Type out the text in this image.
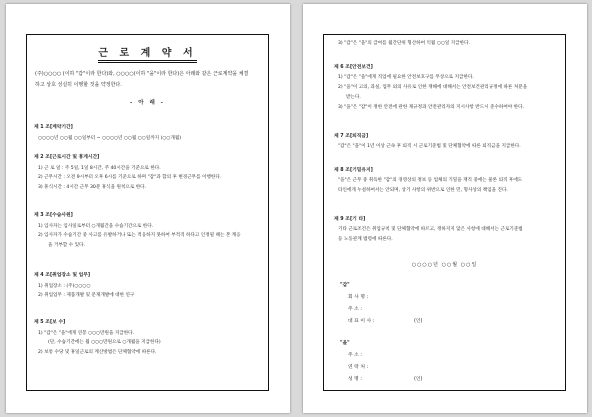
근 로 계 약 서
(주)○○○○ (이하 "갑"이라 한다)와, ○○○○(이하 "을"이라 한다)은 아래와 같은 근로계약을 체결
하고 상호 성실히 이행할 것을 약정한다.
- 아 래 -
제 1 조[계약기간]
○○○○년 ○○월 ○○일부터 ~ ○○○○년 ○○월 ○○일까지 (○○개월)
제 2 조[근로시간 및 휴게시간]
1) 근 로 일 : 주 5일, 1일 8시간, 주 40시간을 기준으로 한다.
2) 근무시간 : 오전 9시부터 오후 6시를 기준으로 하며 "갑"과 합의 후 변경근무를 이행한다.
3) 휴식시간 : 4시간 근무 30분 휴식을 원칙으로 한다.
제 3 조[수습사원]
1) 입사자는 입사일로부터 ○개월간을 수습기간으로 한다.
2) 입사자가 수습기간 중 사고를 유발하거나 또는 적응하지 못하여 부적격 하다고 인정될 때는 본 계응
을 거부할 수 있다.
제 4 조[취업장소 및 업무]
1) 취업장소 : (주)○○○○
2) 취업업무 : 제품개발 및 문제개발에 대한 연구
제 5 조[보 수]
1) "갑"은 "을"에게 연봉 ○○○만원을 지급한다.
(단, 수습기간에는 월 ○○○만원으로 ○개월을 지급한다)
2) 보통 수당 및 휴일근로의 계산방법은 단체협약에 따른다.
3) "갑"은 "을"의 급여를 월간단위 형산하여 익월 ○○일 지급한다.
제 6 조[안전보건]
1) "갑"은 "을"에게 직업에 필요한 안전보호구를 무상으로 지급한다.
2) "을"이 고의, 과실, 업무 외의 사유로 인한 재해에 대해서는 안전보건관리규정에 따른 처분을
받는다.
3) "을"은 "갑"이 정한 안전에 관한 제규정과 안전관리자의 지시사항 반드시 준수하여야 한다.
제 7 조[퇴직금]
"갑"은 "을"이 1년 이상 근속 후 퇴직 시 근로기준법 및 단체협약에 따른 퇴직금을 지급한다.
제 8 조[기밀유지]
"을"은 근무 중 취득한 "갑"의 경영상의 정보 등 업체의 기밀을 재직 중에는 물론 퇴직 후에도
타인에게 누설하여서는 안되며, 상기 사항의 위반으로 인한 민, 형사상의 책임을 진다.
제 9 조[기 타]
기타 근로조건은 취업규칙 및 단체협약에 따르고, 정하지지 않은 사항에 대해서는 근로기준법
등 노동관계 법령에 따른다.
○○○○년 ○○월 ○○일
"갑"
회 사 명 :
주 소 :
대 표 이 사 :	(인)
"을"
주 소 :
연 락 처 :
성 명 :	(인)
